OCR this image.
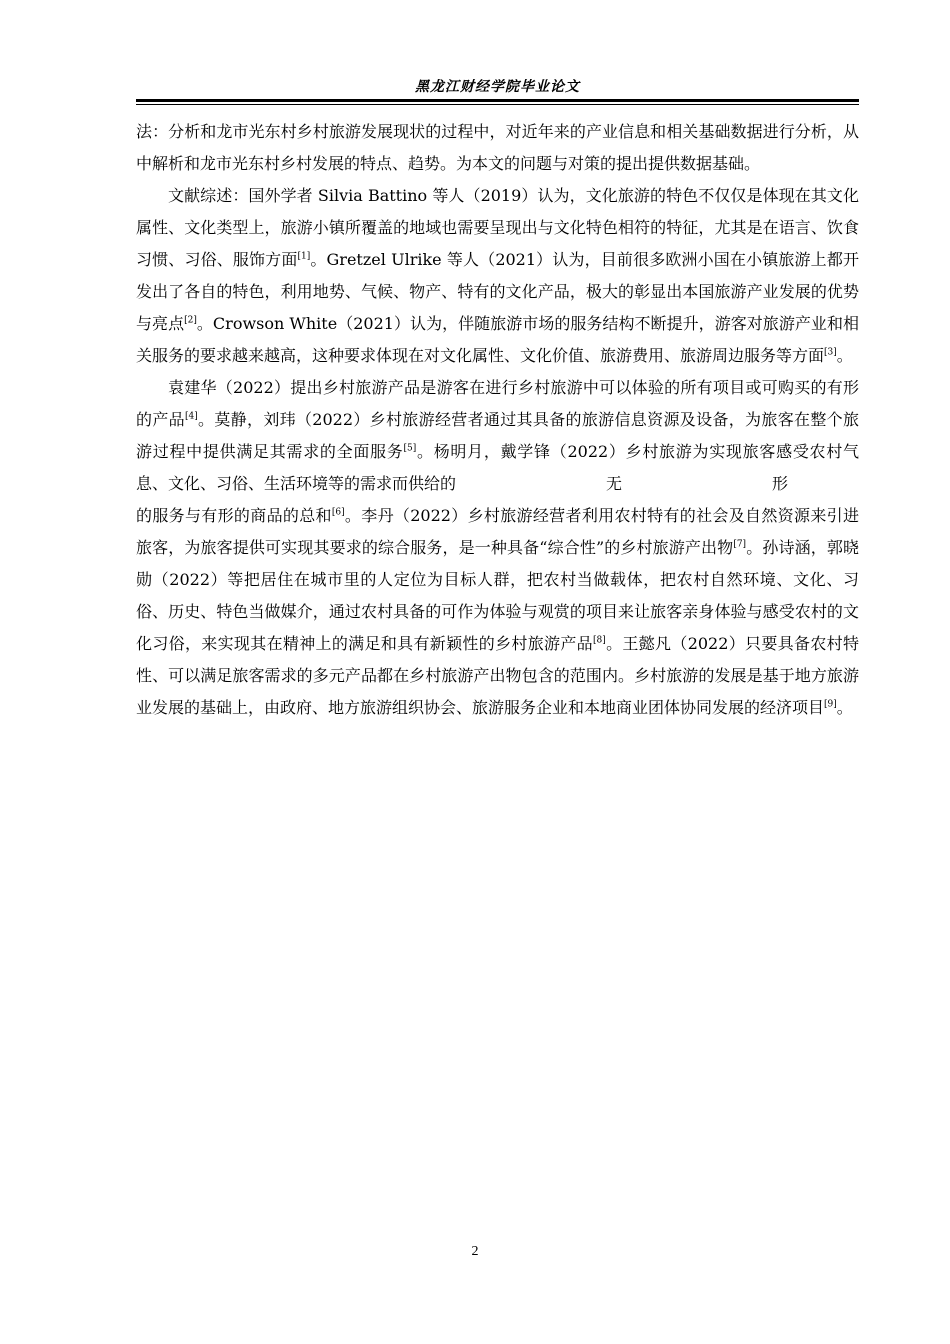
黑龙江财经学院毕业论文

法：分析和龙市光东村乡村旅游发展现状的过程中，对近年来的产业信息和相关基础数据进行分析，从中解析和龙市光东村乡村发展的特点、趋势。为本文的问题与对策的提出提供数据基础。

文献综述：国外学者 Silvia Battino 等人（2019）认为，文化旅游的特色不仅仅是体现在其文化属性、文化类型上，旅游小镇所覆盖的地域也需要呈现出与文化特色相符的特征，尤其是在语言、饮食习惯、习俗、服饰方面[1]。Gretzel Ulrike 等人（2021）认为，目前很多欧洲小国在小镇旅游上都开发出了各自的特色，利用地势、气候、物产、特有的文化产品，极大的彰显出本国旅游产业发展的优势与亮点[2]。Crowson White（2021）认为，伴随旅游市场的服务结构不断提升，游客对旅游产业和相关服务的要求越来越高，这种要求体现在对文化属性、文化价值、旅游费用、旅游周边服务等方面[3]。

袁建华（2022）提出乡村旅游产品是游客在进行乡村旅游中可以体验的所有项目或可购买的有形的产品[4]。莫静，刘玮（2022）乡村旅游经营者通过其具备的旅游信息资源及设备，为旅客在整个旅游过程中提供满足其需求的全面服务[5]。杨明月，戴学锋（2022）乡村旅游为实现旅客感受农村气息、文化、习俗、生活环境等的需求而供给的	无	形
的服务与有形的商品的总和[6]。李丹（2022）乡村旅游经营者利用农村特有的社会及自然资源来引进旅客，为旅客提供可实现其要求的综合服务，是一种具备“综合性”的乡村旅游产出物[7]。孙诗涵，郭晓勋（2022）等把居住在城市里的人定位为目标人群，把农村当做载体，把农村自然环境、文化、习俗、历史、特色当做媒介，通过农村具备的可作为体验与观赏的项目来让旅客亲身体验与感受农村的文化习俗，来实现其在精神上的满足和具有新颖性的乡村旅游产品[8]。王懿凡（2022）只要具备农村特性、可以满足旅客需求的多元产品都在乡村旅游产出物包含的范围内。乡村旅游的发展是基于地方旅游业发展的基础上，由政府、地方旅游组织协会、旅游服务企业和本地商业团体协同发展的经济项目[9]。

2
